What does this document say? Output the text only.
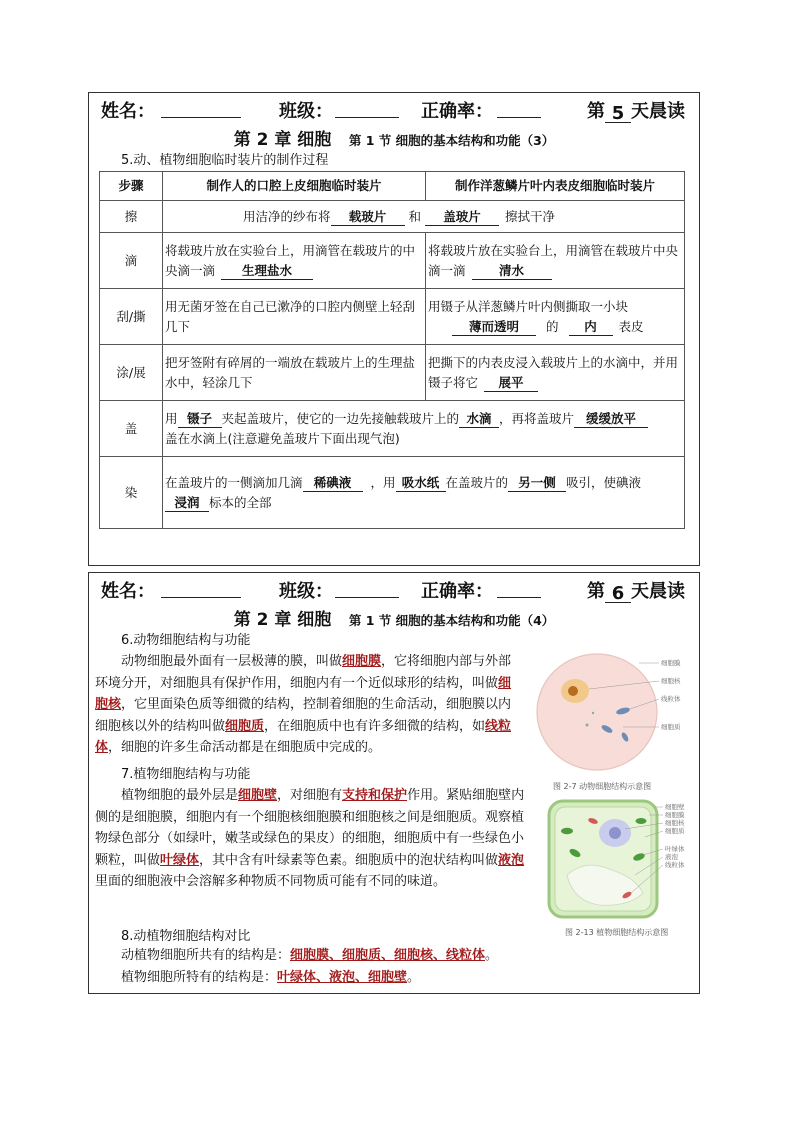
姓名：	班级：	正确率：	第 5 天晨读
第 2 章 细胞 第 1 节 细胞的基本结构和功能（3）
5.动、植物细胞临时装片的制作过程
步骤	制作人的口腔上皮细胞临时装片	制作洋葱鳞片叶内表皮细胞临时装片
擦	用洁净的纱布将 载玻片 和 盖玻片 擦拭干净	
滴	将载玻片放在实验台上，用滴管在载玻片的中央滴一滴 生理盐水	将载玻片放在实验台上，用滴管在载玻片中央滴一滴 清水
刮/撕	用无菌牙签在自己已漱净的口腔内侧壁上轻刮几下	用镊子从洋葱鳞片叶内侧撕取一小块
薄而透明 的 内 表皮
涂/展	把牙签附有碎屑的一端放在载玻片上的生理盐水中，轻涂几下	把撕下的内表皮浸入载玻片上的水滴中，并用镊子将它 展平
盖	用 镊子 夹起盖玻片，使它的一边先接触载玻片上的 水滴 ，再将盖玻片 缓缓放平
盖在水滴上(注意避免盖玻片下面出现气泡)	
染	在盖玻片的一侧滴加几滴 稀碘液 ，用 吸水纸 在盖玻片的 另一侧 吸引，使碘液浸润 标本的全部	
姓名：	班级：	正确率：	第 6 天晨读
第 2 章 细胞 第 1 节 细胞的基本结构和功能（4）
6.动物细胞结构与功能
动物细胞最外面有一层极薄的膜，叫做细胞膜，它将细胞内部与外部环境分开，对细胞具有保护作用，细胞内有一个近似球形的结构，叫做细胞核，它里面染色质等细微的结构，控制着细胞的生命活动，细胞膜以内细胞核以外的结构叫做细胞质，在细胞质中也有许多细微的结构，如线粒体，细胞的许多生命活动都是在细胞质中完成的。
7.植物细胞结构与功能
植物细胞的最外层是细胞壁，对细胞有支持和保护作用。紧贴细胞壁内侧的是细胞膜，细胞内有一个细胞核细胞膜和细胞核之间是细胞质。观察植物绿色部分（如绿叶，嫩茎或绿色的果皮）的细胞，细胞质中有一些绿色小颗粒，叫做叶绿体，其中含有叶绿素等色素。细胞质中的泡状结构叫做液泡里面的细胞液中会溶解多种物质不同物质可能有不同的味道。
8.动植物细胞结构对比
动植物细胞所共有的结构是：细胞膜、细胞质、细胞核、线粒体。
植物细胞所特有的结构是：叶绿体、液泡、细胞壁。
细胞膜
细胞核
线粒体
细胞质
图 2-7 动物细胞结构示意图
细胞壁
细胞膜
细胞核
细胞质
叶绿体
液泡
线粒体
图 2-13 植物细胞结构示意图
